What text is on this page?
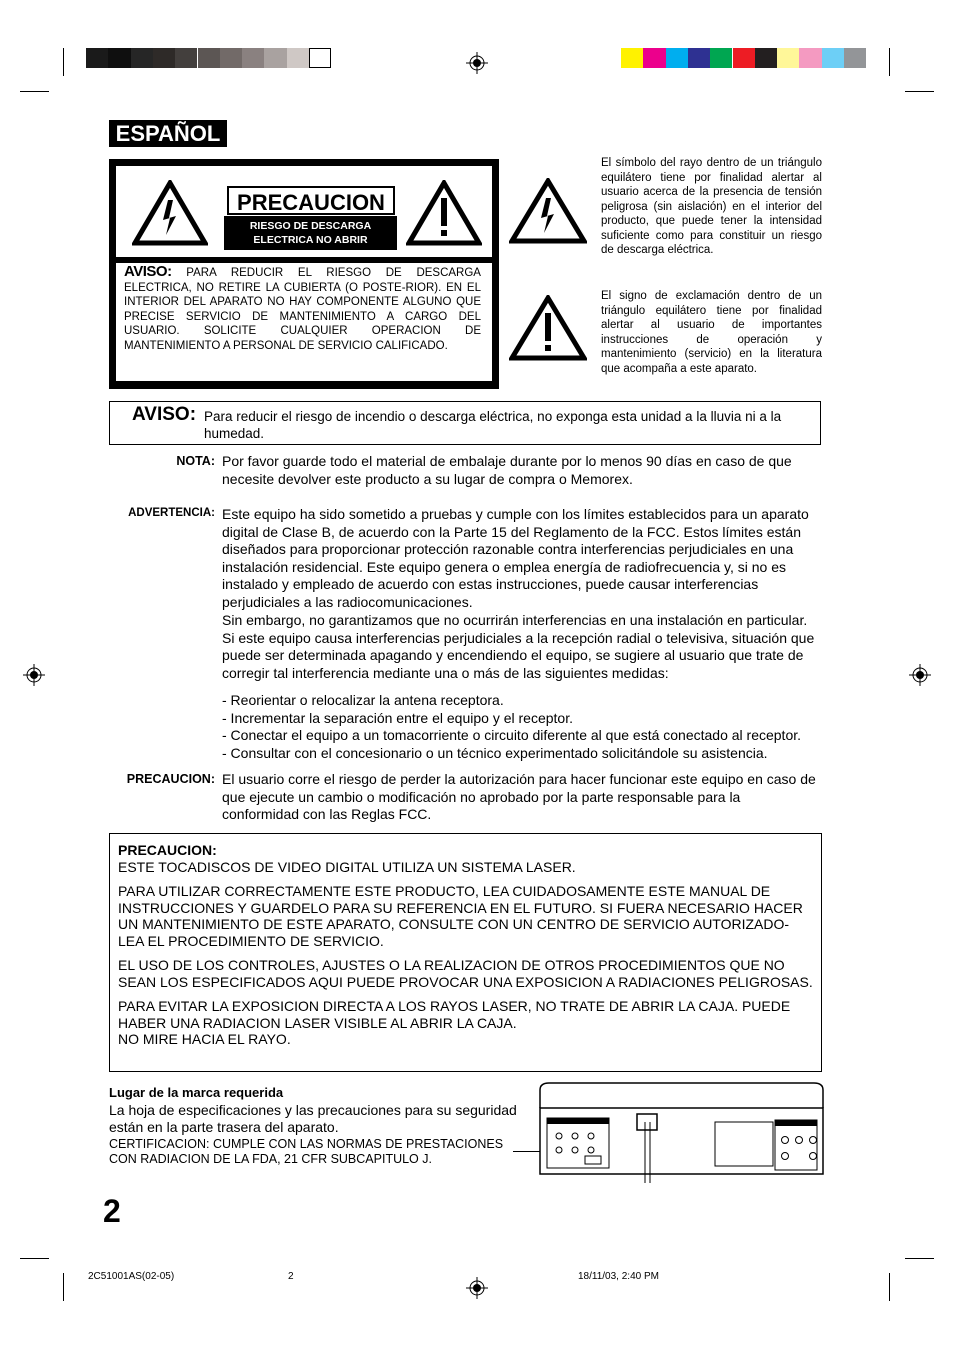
ESPAÑOL
PRECAUCION
RIESGO DE DESCARGA
ELECTRICA NO ABRIR
AVISO: PARA REDUCIR EL RIESGO DE DESCARGA ELECTRICA, NO RETIRE LA CUBIERTA (O POSTE-RIOR). EN EL INTERIOR DEL APARATO NO HAY COMPONENTE ALGUNO QUE PRECISE SERVICIO DE MANTENIMIENTO A CARGO DEL USUARIO. SOLICITE CUALQUIER OPERACION DE MANTENIMIENTO A PERSONAL DE SERVICIO CALIFICADO.
El símbolo del rayo dentro de un triángulo equilátero tiene por finalidad alertar al usuario acerca de la presencia de tensión peligrosa (sin aislación) en el interior del producto, que puede tener la intensidad suficiente como para constituir un riesgo de descarga eléctrica.
El signo de exclamación dentro de un triángulo equilátero tiene por finalidad alertar al usuario de importantes instrucciones de operación y mantenimiento (servicio) en la literatura que acompaña a este aparato.
AVISO: Para reducir el riesgo de incendio o descarga eléctrica, no exponga esta unidad a la lluvia ni a la humedad.
NOTA: Por favor guarde todo el material de embalaje durante por lo menos 90 días en caso de que necesite devolver este producto a su lugar de compra o Memorex.
ADVERTENCIA: Este equipo ha sido sometido a pruebas y cumple con los límites establecidos para un aparato digital de Clase B, de acuerdo con la Parte 15 del Reglamento de la FCC. Estos límites están diseñados para proporcionar protección razonable contra interferencias perjudiciales en una instalación residencial. Este equipo genera o emplea energía de radiofrecuencia y, si no es instalado y empleado de acuerdo con estas instrucciones, puede causar interferencias perjudiciales a las radiocomunicaciones.
Sin embargo, no garantizamos que no ocurrirán interferencias en una instalación en particular. Si este equipo causa interferencias perjudiciales a la recepción radial o televisiva, situación que puede ser determinada apagando y encendiendo el equipo, se sugiere al usuario que trate de corregir tal interferencia mediante una o más de las siguientes medidas:
- Reorientar o relocalizar la antena receptora.
- Incrementar la separación entre el equipo y el receptor.
- Conectar el equipo a un tomacorriente o circuito diferente al que está conectado al receptor.
- Consultar con el concesionario o un técnico experimentado solicitándole su asistencia.
PRECAUCION: El usuario corre el riesgo de perder la autorización para hacer funcionar este equipo en caso de que ejecute un cambio o modificación no aprobado por la parte responsable para la conformidad con las Reglas FCC.
PRECAUCION:

ESTE TOCADISCOS DE VIDEO DIGITAL UTILIZA UN SISTEMA LASER.

PARA UTILIZAR CORRECTAMENTE ESTE PRODUCTO, LEA CUIDADOSAMENTE ESTE MANUAL DE INSTRUCCIONES Y GUARDELO PARA SU REFERENCIA EN EL FUTURO. SI FUERA NECESARIO HACER UN MANTENIMIENTO DE ESTE APARATO, CONSULTE CON UN CENTRO DE SERVICIO AUTORIZADO-LEA EL PROCEDIMIENTO DE SERVICIO.

EL USO DE LOS CONTROLES, AJUSTES O LA REALIZACION DE OTROS PROCEDIMIENTOS QUE NO SEAN LOS ESPECIFICADOS AQUI PUEDE PROVOCAR UNA EXPOSICION A RADIACIONES PELIGROSAS.

PARA EVITAR LA EXPOSICION DIRECTA A LOS RAYOS LASER, NO TRATE DE ABRIR LA CAJA. PUEDE HABER UNA RADIACION LASER VISIBLE AL ABRIR LA CAJA.
NO MIRE HACIA EL RAYO.
Lugar de la marca requerida
La hoja de especificaciones y las precauciones para su seguridad están en la parte trasera del aparato.
CERTIFICACION: CUMPLE CON LAS NORMAS DE PRESTACIONES
CON RADIACION DE LA FDA, 21 CFR SUBCAPITULO J.
2
2C51001AS(02-05)	2	18/11/03, 2:40 PM
